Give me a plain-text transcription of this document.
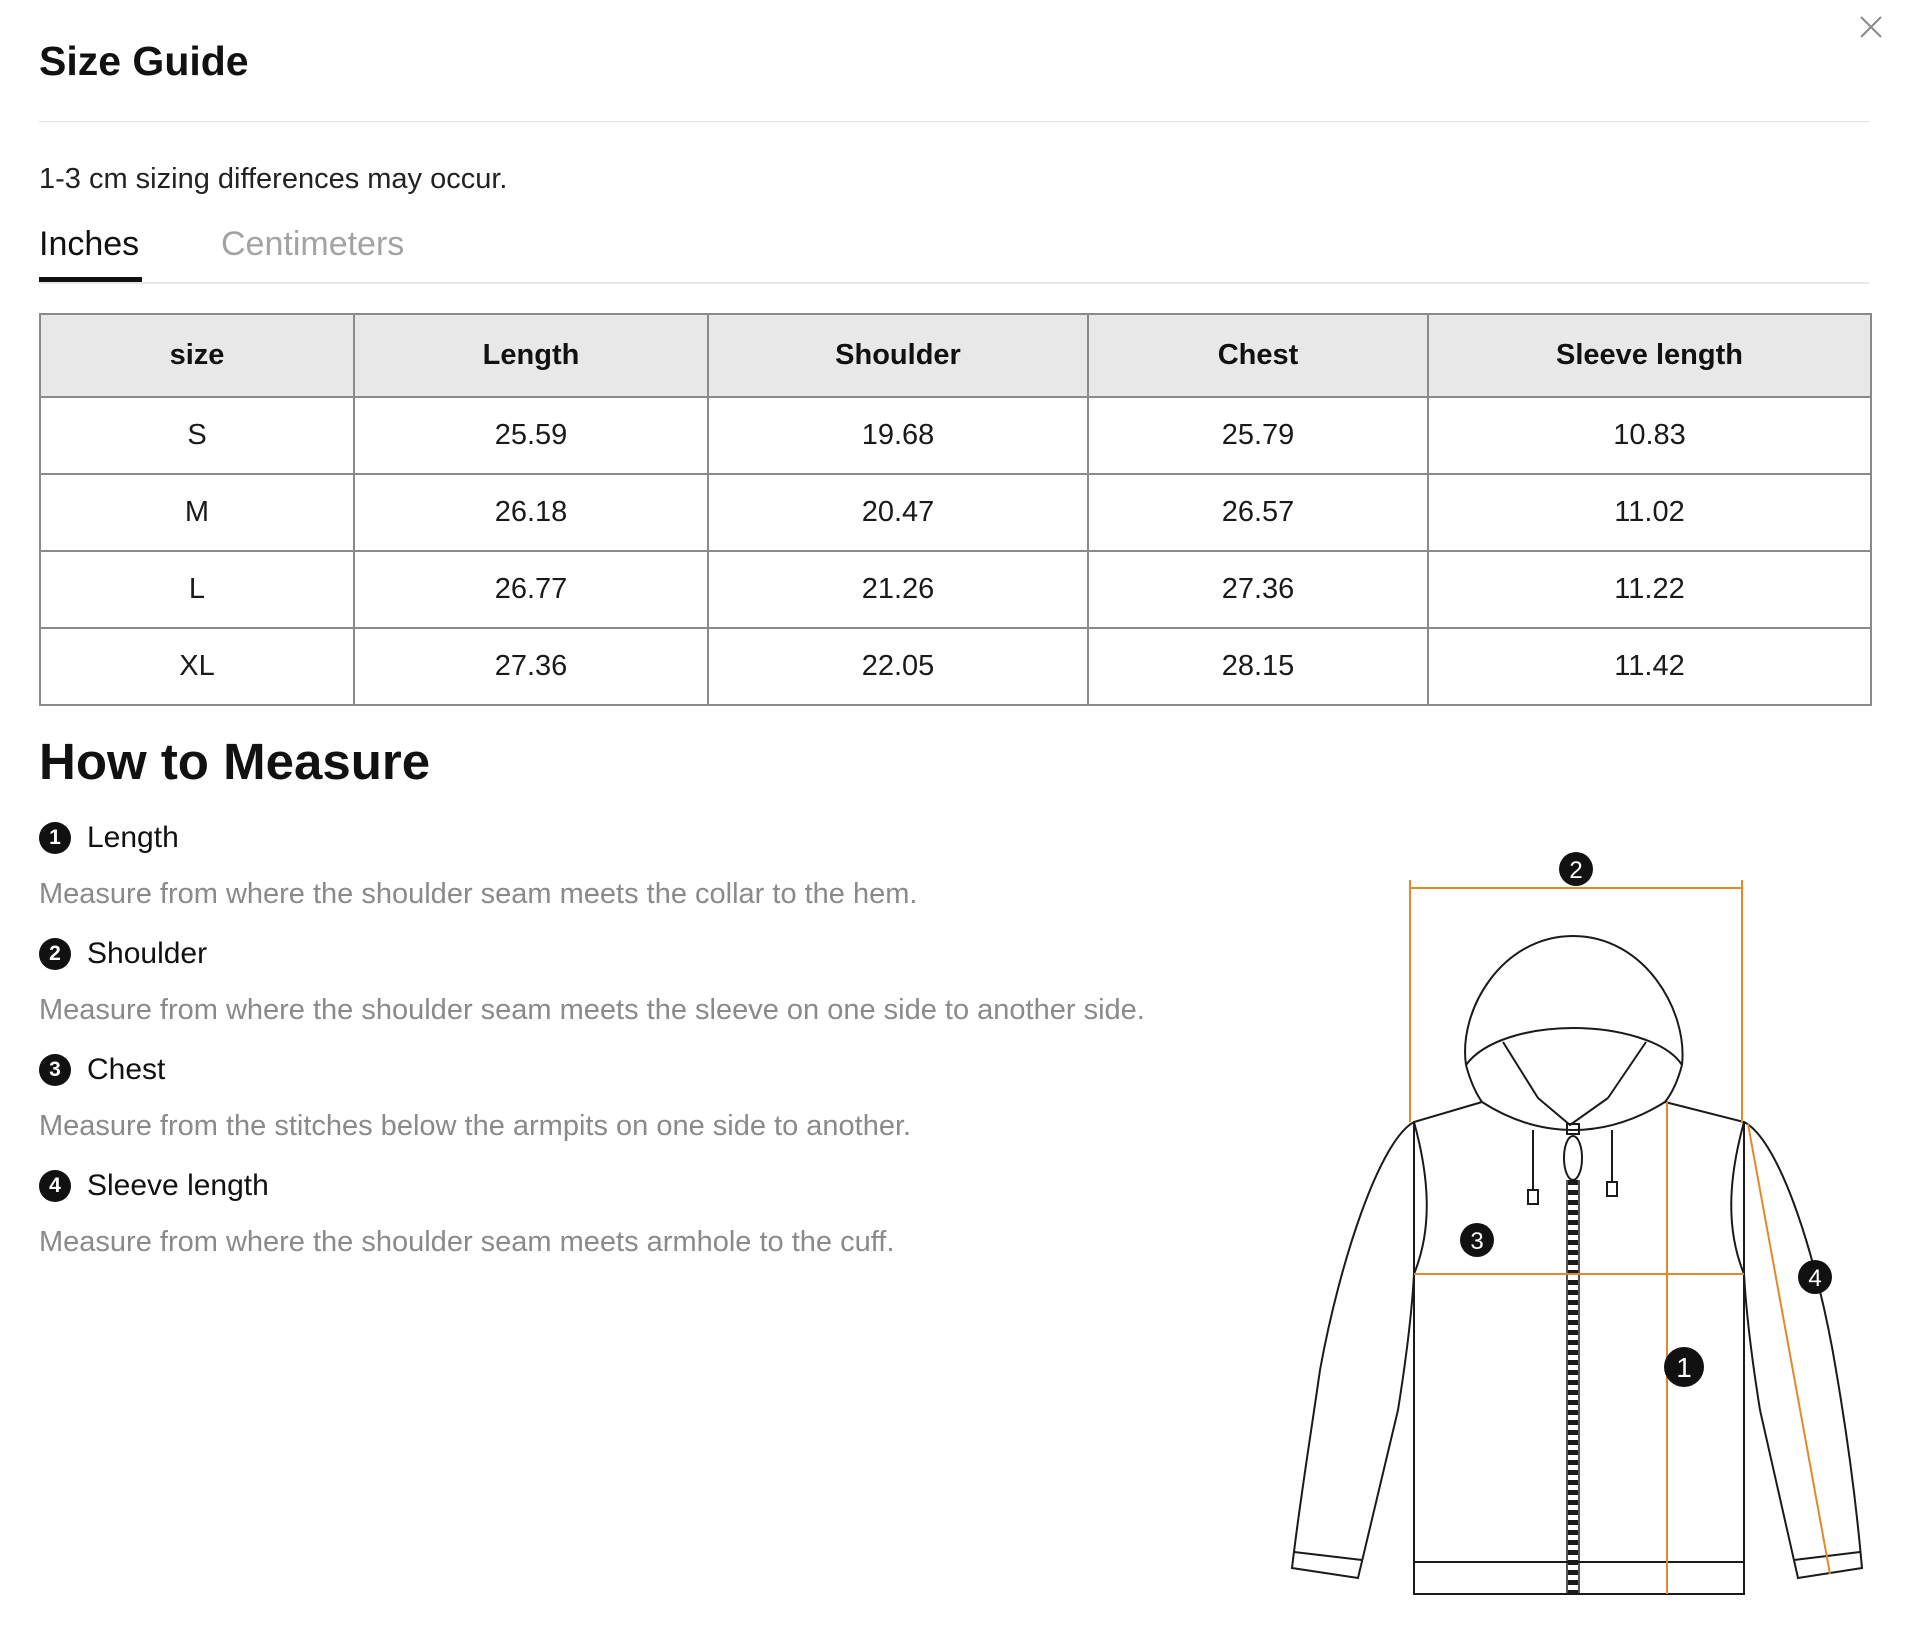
Size Guide
1-3 cm sizing differences may occur.
Inches Centimeters
size	Length	Shoulder	Chest	Sleeve length
S	25.59	19.68	25.79	10.83
M	26.18	20.47	26.57	11.02
L	26.77	21.26	27.36	11.22
XL	27.36	22.05	28.15	11.42
How to Measure
1 Length
Measure from where the shoulder seam meets the collar to the hem.
2 Shoulder
Measure from where the shoulder seam meets the sleeve on one side to another side.
3 Chest
Measure from the stitches below the armpits on one side to another.
4 Sleeve length
Measure from where the shoulder seam meets armhole to the cuff.
2
3
1
4
